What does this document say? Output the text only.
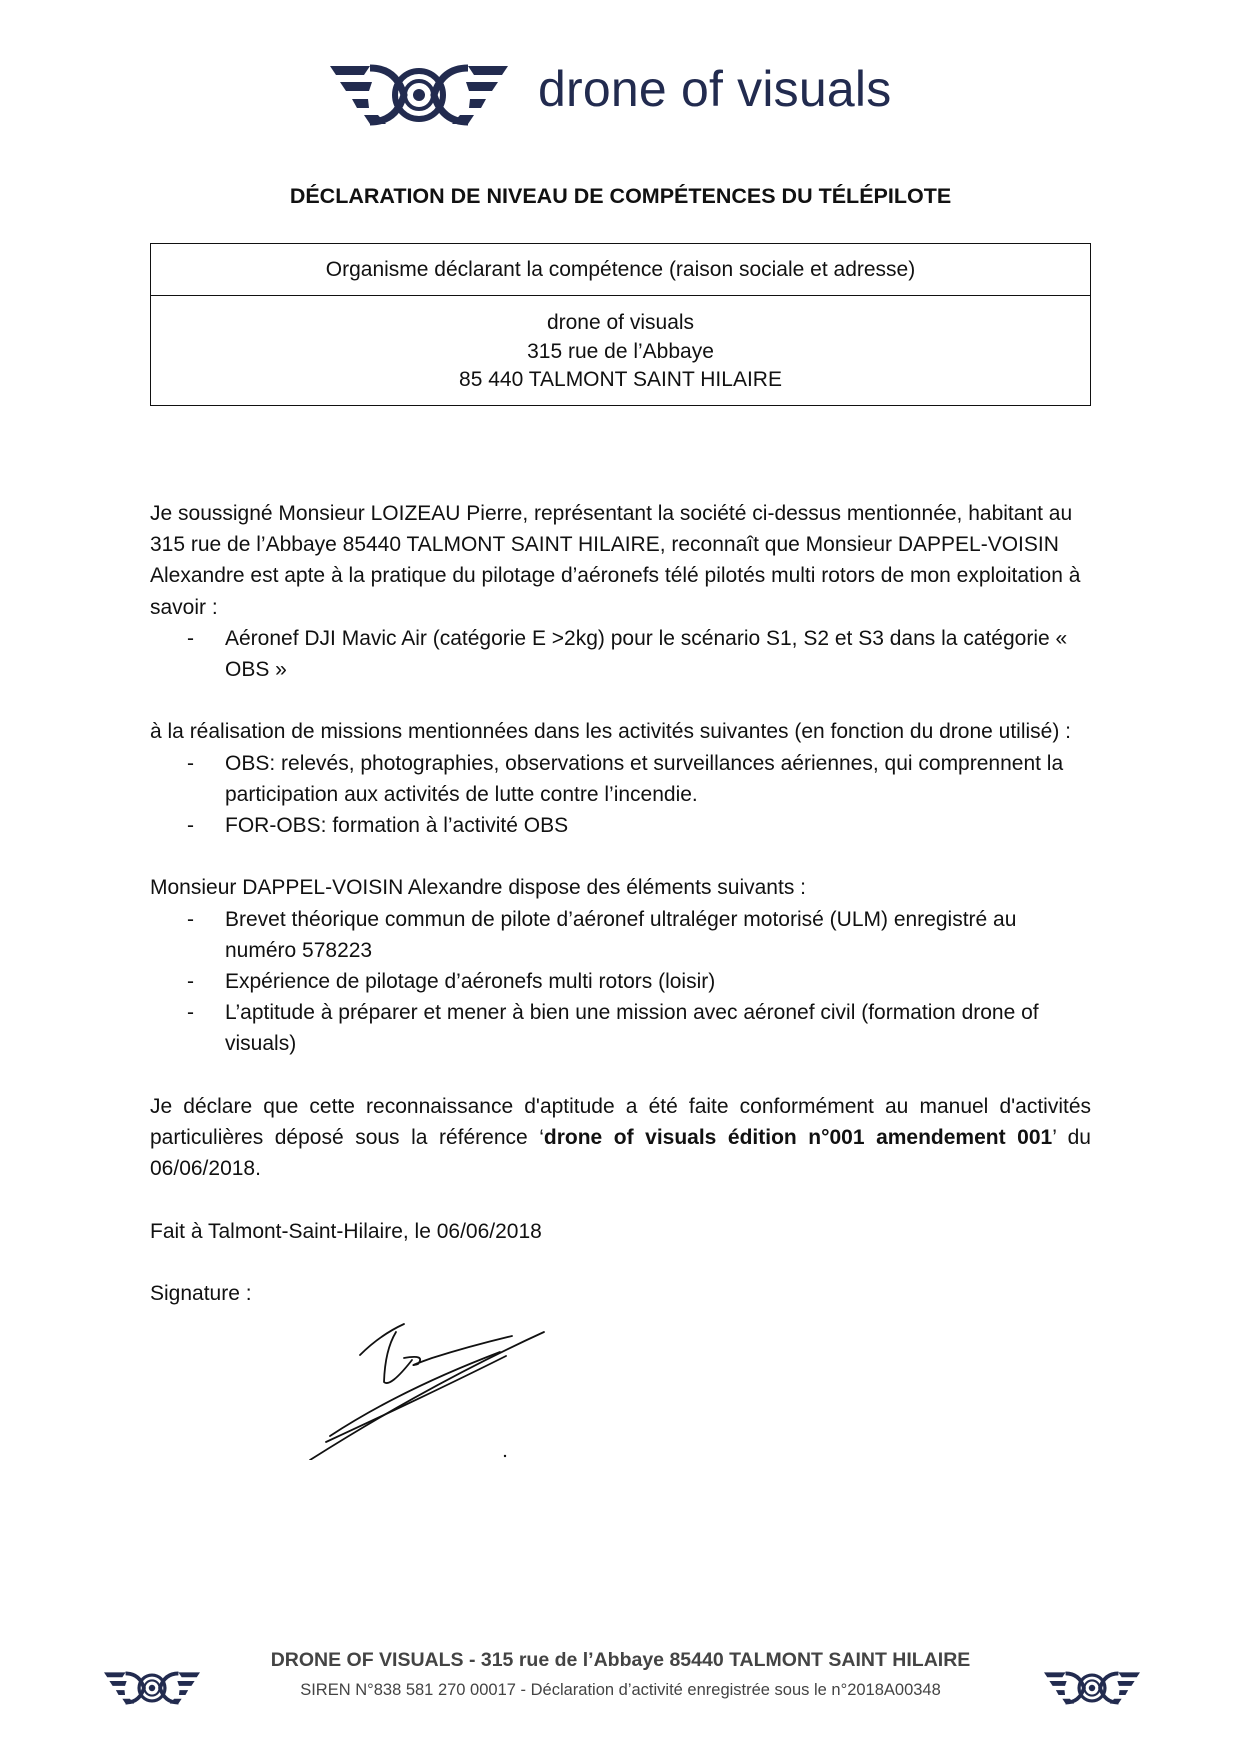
drone of visuals
DÉCLARATION DE NIVEAU DE COMPÉTENCES DU TÉLÉPILOTE
Organisme déclarant la compétence (raison sociale et adresse)
drone of visuals
315 rue de l’Abbaye
85 440 TALMONT SAINT HILAIRE

Je soussigné Monsieur LOIZEAU Pierre, représentant la société ci-dessus mentionnée, habitant au 315 rue de l’Abbaye 85440 TALMONT SAINT HILAIRE, reconnaît que Monsieur DAPPEL-VOISIN Alexandre est apte à la pratique du pilotage d’aéronefs télé pilotés multi rotors de mon exploitation à savoir :

- Aéronef DJI Mavic Air (catégorie E >2kg) pour le scénario S1, S2 et S3 dans la catégorie « OBS »

à la réalisation de missions mentionnées dans les activités suivantes (en fonction du drone utilisé) :

- OBS: relevés, photographies, observations et surveillances aériennes, qui comprennent la participation aux activités de lutte contre l’incendie.
- FOR-OBS: formation à l’activité OBS

Monsieur DAPPEL-VOISIN Alexandre dispose des éléments suivants :

- Brevet théorique commun de pilote d’aéronef ultraléger motorisé (ULM) enregistré au numéro 578223
- Expérience de pilotage d’aéronefs multi rotors (loisir)
- L’aptitude à préparer et mener à bien une mission avec aéronef civil (formation drone of visuals)

Je déclare que cette reconnaissance d'aptitude a été faite conformément au manuel d'activités particulières déposé sous la référence ‘drone of visuals édition n°001 amendement 001’ du 06/06/2018.

Fait à Talmont-Saint-Hilaire, le 06/06/2018

Signature :

DRONE OF VISUALS - 315 rue de l’Abbaye 85440 TALMONT SAINT HILAIRE
SIREN N°838 581 270 00017 - Déclaration d’activité enregistrée sous le n°2018A00348
